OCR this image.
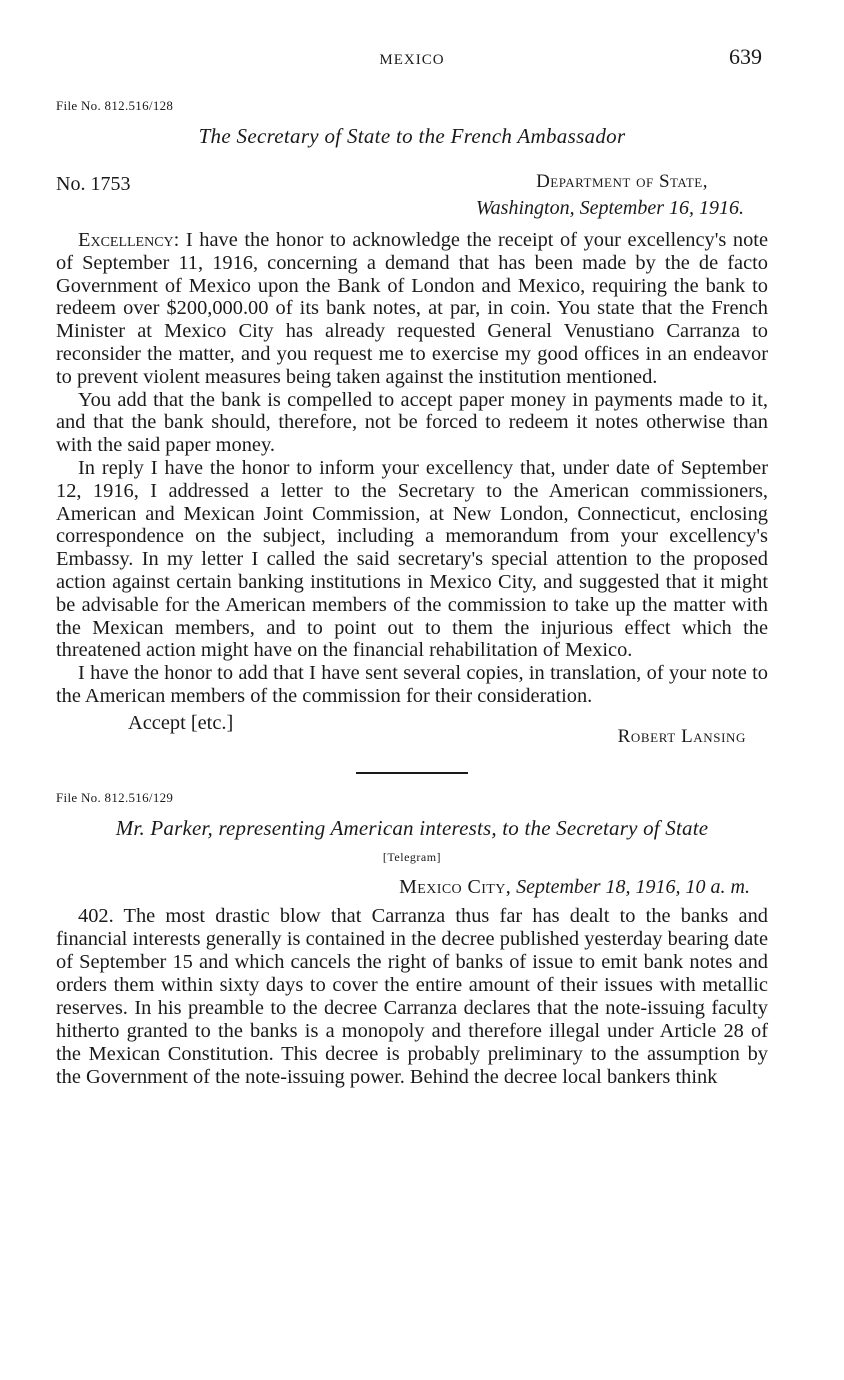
MEXICO	639
File No. 812.516/128
The Secretary of State to the French Ambassador
No. 1753	Department of State,
Washington, September 16, 1916.

Excellency: I have the honor to acknowledge the receipt of your excellency's note of September 11, 1916, concerning a demand that has been made by the de facto Government of Mexico upon the Bank of London and Mexico, requiring the bank to redeem over $200,000.00 of its bank notes, at par, in coin. You state that the French Minister at Mexico City has already requested General Venustiano Carranza to reconsider the matter, and you request me to exercise my good offices in an endeavor to prevent violent measures being taken against the institution mentioned.

You add that the bank is compelled to accept paper money in payments made to it, and that the bank should, therefore, not be forced to redeem it notes otherwise than with the said paper money.

In reply I have the honor to inform your excellency that, under date of September 12, 1916, I addressed a letter to the Secretary to the American commissioners, American and Mexican Joint Commission, at New London, Connecticut, enclosing correspondence on the subject, including a memorandum from your excellency's Embassy. In my letter I called the said secretary's special attention to the proposed action against certain banking institutions in Mexico City, and suggested that it might be advisable for the American members of the commission to take up the matter with the Mexican members, and to point out to them the injurious effect which the threatened action might have on the financial rehabilitation of Mexico.

I have the honor to add that I have sent several copies, in translation, of your note to the American members of the commission for their consideration.

Accept [etc.]
Robert Lansing
File No. 812.516/129
Mr. Parker, representing American interests, to the Secretary of State
[Telegram]
Mexico City, September 18, 1916, 10 a. m.

402. The most drastic blow that Carranza thus far has dealt to the banks and financial interests generally is contained in the decree published yesterday bearing date of September 15 and which cancels the right of banks of issue to emit bank notes and orders them within sixty days to cover the entire amount of their issues with metallic reserves. In his preamble to the decree Carranza declares that the note-issuing faculty hitherto granted to the banks is a monopoly and therefore illegal under Article 28 of the Mexican Constitution. This decree is probably preliminary to the assumption by the Government of the note-issuing power. Behind the decree local bankers think
